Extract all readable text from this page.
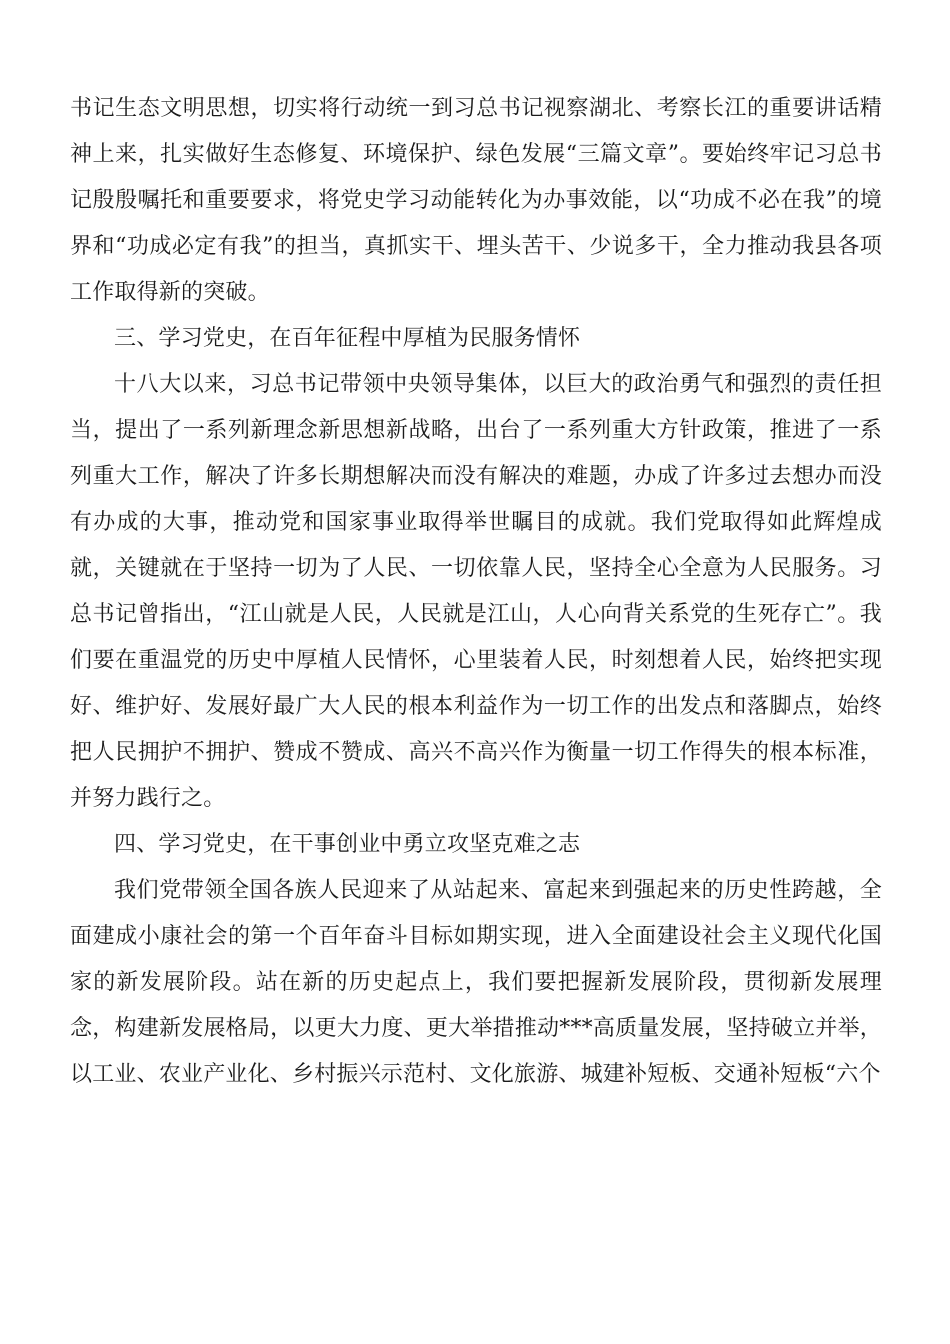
书记生态文明思想，切实将行动统一到习总书记视察湖北、考察长江的重要讲话精神上来，扎实做好生态修复、环境保护、绿色发展“三篇文章”。要始终牢记习总书记殷殷嘱托和重要要求，将党史学习动能转化为办事效能，以“功成不必在我”的境界和“功成必定有我”的担当，真抓实干、埋头苦干、少说多干，全力推动我县各项工作取得新的突破。

三、学习党史，在百年征程中厚植为民服务情怀

十八大以来，习总书记带领中央领导集体，以巨大的政治勇气和强烈的责任担当，提出了一系列新理念新思想新战略，出台了一系列重大方针政策，推进了一系列重大工作，解决了许多长期想解决而没有解决的难题，办成了许多过去想办而没有办成的大事，推动党和国家事业取得举世瞩目的成就。我们党取得如此辉煌成就，关键就在于坚持一切为了人民、一切依靠人民，坚持全心全意为人民服务。习总书记曾指出，“江山就是人民，人民就是江山，人心向背关系党的生死存亡”。我们要在重温党的历史中厚植人民情怀，心里装着人民，时刻想着人民，始终把实现好、维护好、发展好最广大人民的根本利益作为一切工作的出发点和落脚点，始终把人民拥护不拥护、赞成不赞成、高兴不高兴作为衡量一切工作得失的根本标准，并努力践行之。

四、学习党史，在干事创业中勇立攻坚克难之志

我们党带领全国各族人民迎来了从站起来、富起来到强起来的历史性跨越，全面建成小康社会的第一个百年奋斗目标如期实现，进入全面建设社会主义现代化国家的新发展阶段。站在新的历史起点上，我们要把握新发展阶段，贯彻新发展理念，构建新发展格局，以更大力度、更大举措推动***高质量发展，坚持破立并举，以工业、农业产业化、乡村振兴示范村、文化旅游、城建补短板、交通补短板“六个
